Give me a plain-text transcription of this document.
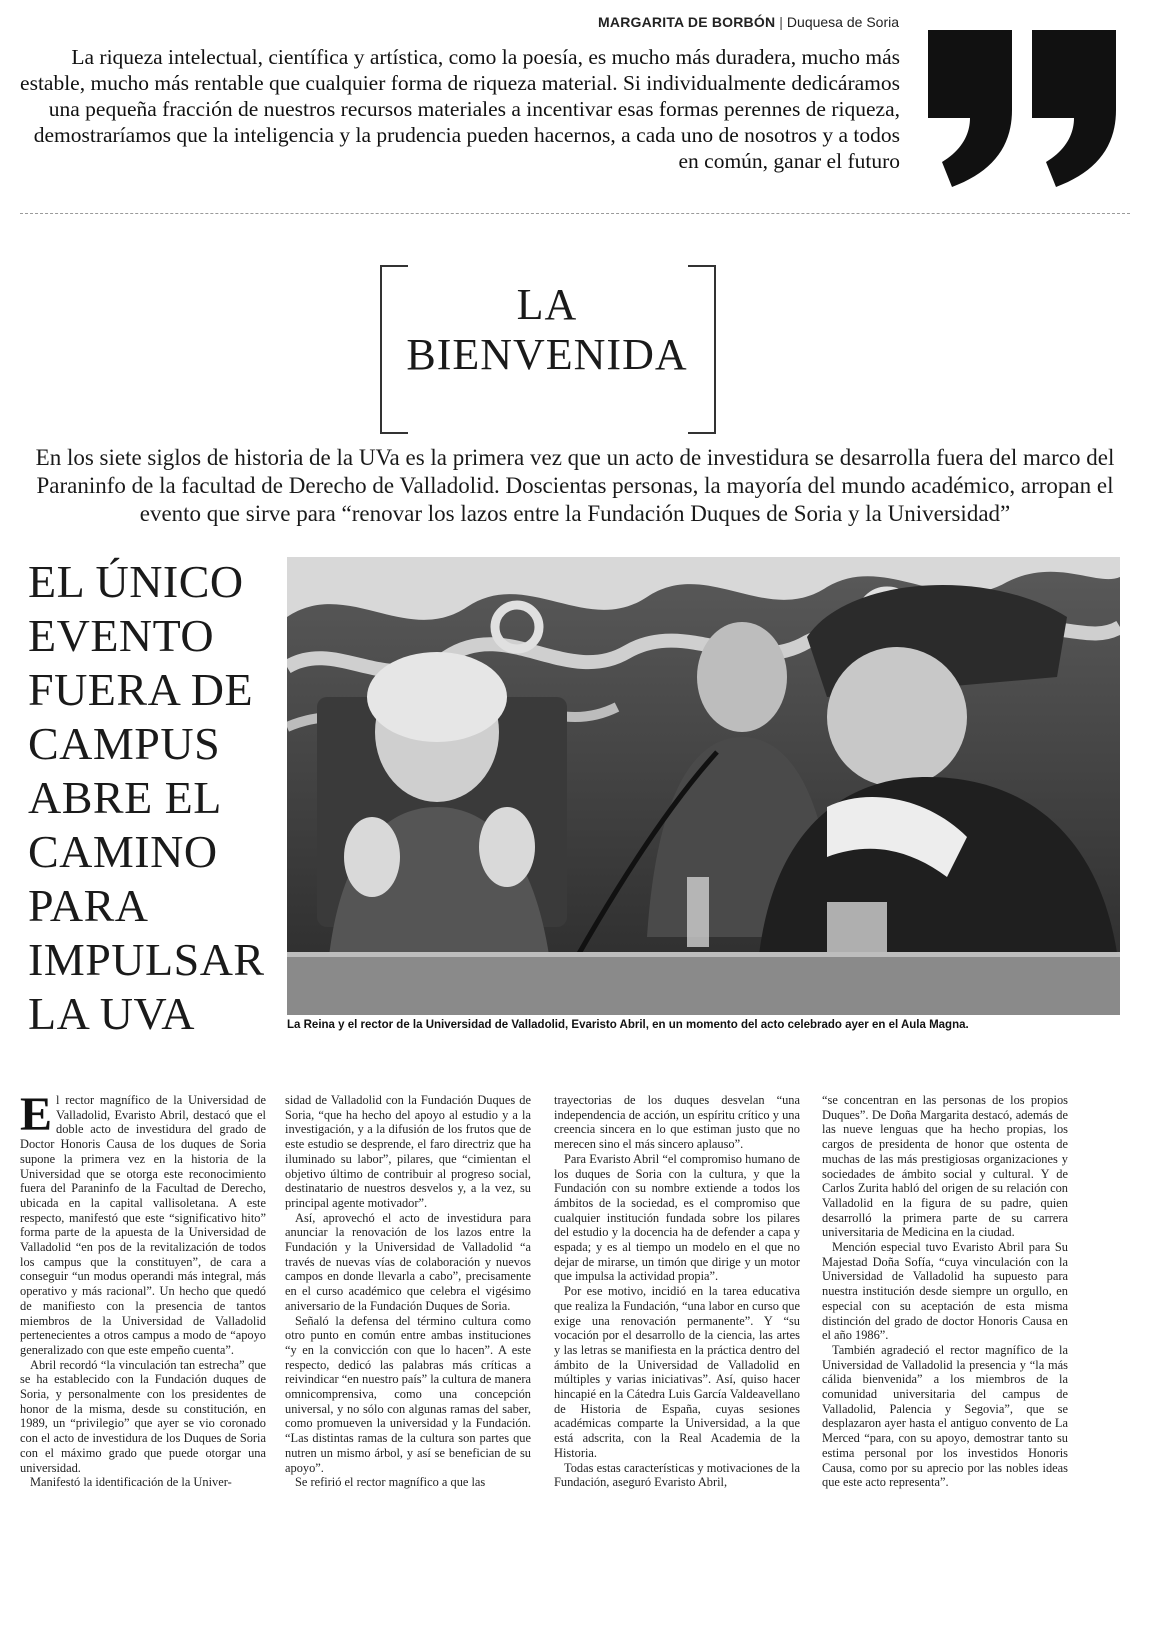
MARGARITA DE BORBÓN | Duquesa de Soria
La riqueza intelectual, científica y artística, como la poesía, es mucho más duradera, mucho más estable, mucho más rentable que cualquier forma de riqueza material. Si individualmente dedicáramos una pequeña fracción de nuestros recursos materiales a incentivar esas formas perennes de riqueza, demostraríamos que la inteligencia y la prudencia pueden hacernos, a cada uno de nosotros y a todos en común, ganar el futuro
LA
BIENVENIDA
En los siete siglos de historia de la UVa es la primera vez que un acto de investidura se desarrolla fuera del marco del Paraninfo de la facultad de Derecho de Valladolid. Doscientas personas, la mayoría del mundo académico, arropan el evento que sirve para “renovar los lazos entre la Fundación Duques de Soria y la Universidad”
EL ÚNICO
EVENTO
FUERA DE
CAMPUS
ABRE EL
CAMINO
PARA
IMPULSAR
LA UVA	La Reina y el rector de la Universidad de Valladolid, Evaristo Abril, en un momento del acto celebrado ayer en el Aula Magna.

El rector magnífico de la Universidad de Valladolid, Evaristo Abril, destacó que el doble acto de investidura del grado de Doctor Honoris Causa de los duques de Soria supone la primera vez en la historia de la Universidad que se otorga este reconocimiento fuera del Paraninfo de la Facultad de Derecho, ubicada en la capital vallisoletana. A este respecto, manifestó que este “significativo hito” forma parte de la apuesta de la Universidad de Valladolid “en pos de la revitalización de todos los campus que la constituyen”, de cara a conseguir “un modus operandi más integral, más operativo y más racional”. Un hecho que quedó de manifiesto con la presencia de tantos miembros de la Universidad de Valladolid pertenecientes a otros campus a modo de “apoyo generalizado con que este empeño cuenta”.

Abril recordó “la vinculación tan estrecha” que se ha establecido con la Fundación duques de Soria, y personalmente con los presidentes de honor de la misma, desde su constitución, en 1989, un “privilegio” que ayer se vio coronado con el acto de investidura de los Duques de Soria con el máximo grado que puede otorgar una universidad.

Manifestó la identificación de la Univer-

sidad de Valladolid con la Fundación Duques de Soria, “que ha hecho del apoyo al estudio y a la investigación, y a la difusión de los frutos que de este estudio se desprende, el faro directriz que ha iluminado su labor”, pilares, que “cimientan el objetivo último de contribuir al progreso social, destinatario de nuestros desvelos y, a la vez, su principal agente motivador”.

Así, aprovechó el acto de investidura para anunciar la renovación de los lazos entre la Fundación y la Universidad de Valladolid “a través de nuevas vías de colaboración y nuevos campos en donde llevarla a cabo”, precisamente en el curso académico que celebra el vigésimo aniversario de la Fundación Duques de Soria.

Señaló la defensa del término cultura como otro punto en común entre ambas instituciones “y en la convicción con que lo hacen”. A este respecto, dedicó las palabras más críticas a reivindicar “en nuestro país” la cultura de manera omnicomprensiva, como una concepción universal, y no sólo con algunas ramas del saber, como promueven la universidad y la Fundación. “Las distintas ramas de la cultura son partes que nutren un mismo árbol, y así se benefician de su apoyo”.

Se refirió el rector magnífico a que las

trayectorias de los duques desvelan “una independencia de acción, un espíritu crítico y una creencia sincera en lo que estiman justo que no merecen sino el más sincero aplauso”.

Para Evaristo Abril “el compromiso humano de los duques de Soria con la cultura, y que la Fundación con su nombre extiende a todos los ámbitos de la sociedad, es el compromiso que cualquier institución fundada sobre los pilares del estudio y la docencia ha de defender a capa y espada; y es al tiempo un modelo en el que no dejar de mirarse, un timón que dirige y un motor que impulsa la actividad propia”.

Por ese motivo, incidió en la tarea educativa que realiza la Fundación, “una labor en curso que exige una renovación permanente”. Y “su vocación por el desarrollo de la ciencia, las artes y las letras se manifiesta en la práctica dentro del ámbito de la Universidad de Valladolid en múltiples y varias iniciativas”. Así, quiso hacer hincapié en la Cátedra Luis García Valdeavellano de Historia de España, cuyas sesiones académicas comparte la Universidad, a la que está adscrita, con la Real Academia de la Historia.

Todas estas características y motivaciones de la Fundación, aseguró Evaristo Abril,

“se concentran en las personas de los propios Duques”. De Doña Margarita destacó, además de las nueve lenguas que ha hecho propias, los cargos de presidenta de honor que ostenta de muchas de las más prestigiosas organizaciones y sociedades de ámbito social y cultural. Y de Carlos Zurita habló del origen de su relación con Valladolid en la figura de su padre, quien desarrolló la primera parte de su carrera universitaria de Medicina en la ciudad.

Mención especial tuvo Evaristo Abril para Su Majestad Doña Sofía, “cuya vinculación con la Universidad de Valladolid ha supuesto para nuestra institución desde siempre un orgullo, en especial con su aceptación de esta misma distinción del grado de doctor Honoris Causa en el año 1986”.

También agradeció el rector magnífico de la Universidad de Valladolid la presencia y “la más cálida bienvenida” a los miembros de la comunidad universitaria del campus de Valladolid, Palencia y Segovia”, que se desplazaron ayer hasta el antiguo convento de La Merced “para, con su apoyo, demostrar tanto su estima personal por los investidos Honoris Causa, como por su aprecio por las nobles ideas que este acto representa”.
